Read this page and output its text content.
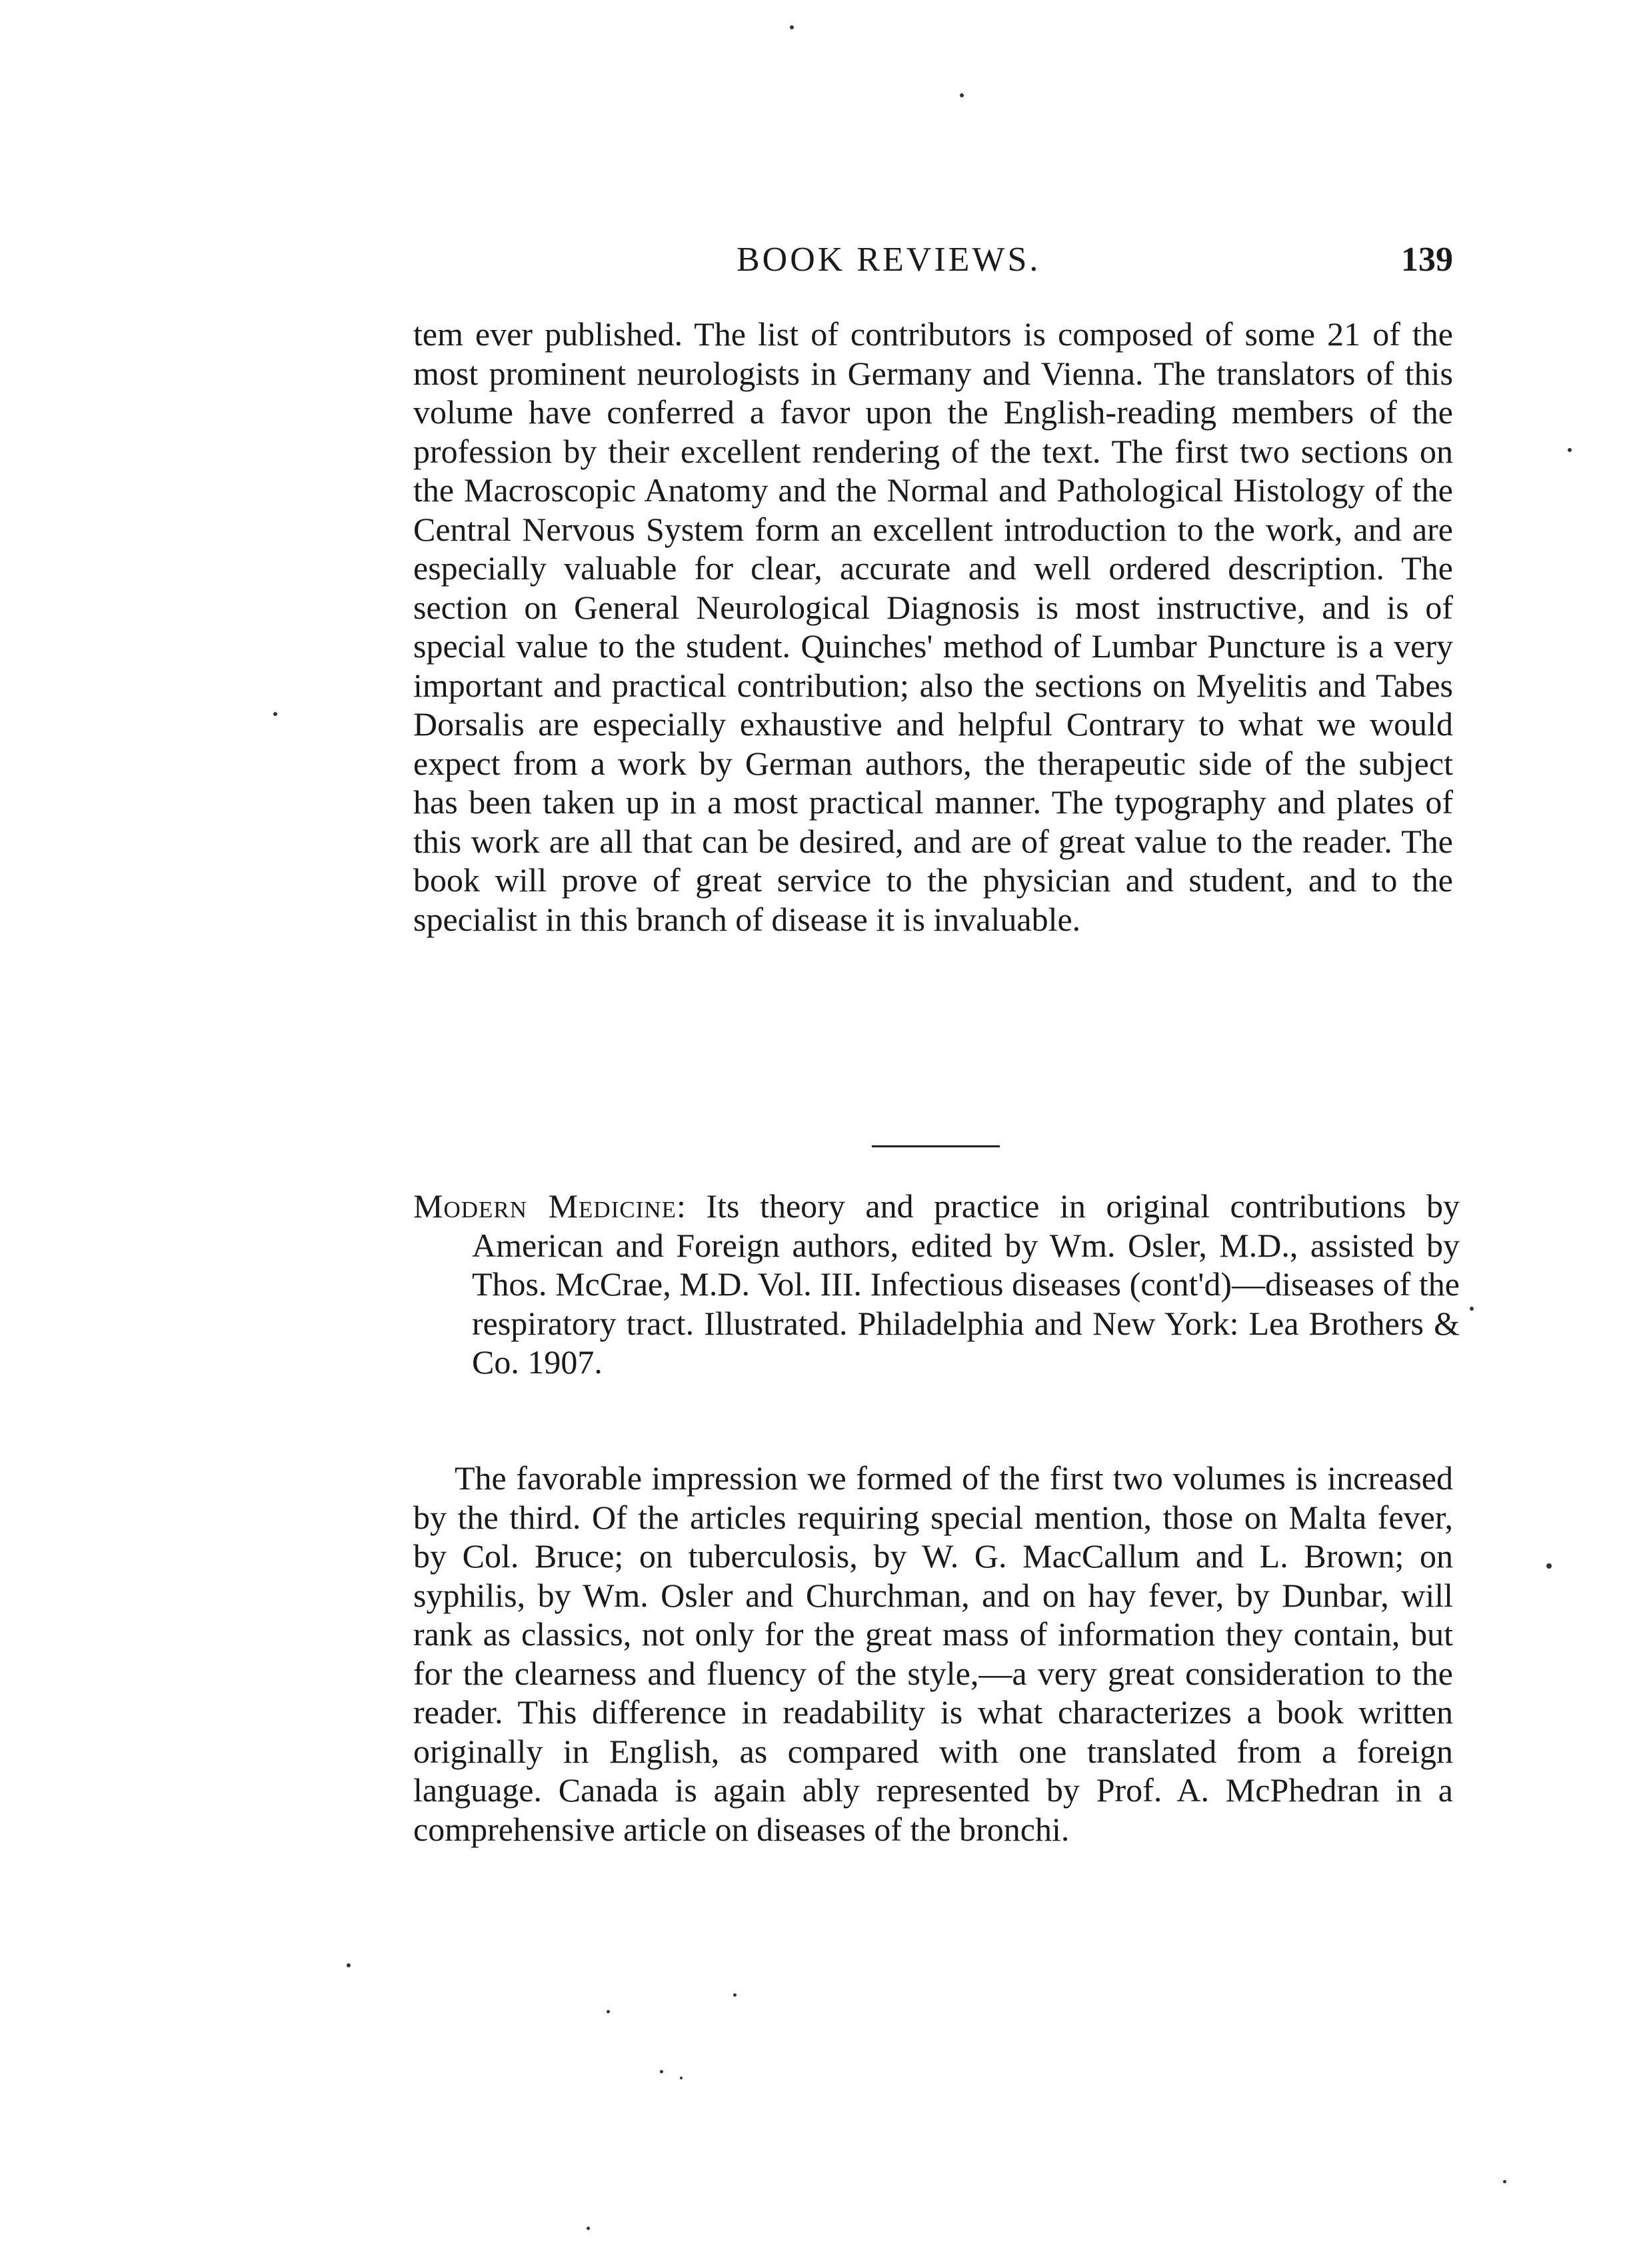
BOOK REVIEWS.	139

tem ever published. The list of contributors is composed of some 21 of the most prominent neurologists in Germany and Vienna. The translators of this volume have conferred a favor upon the English-reading members of the profession by their excellent rendering of the text. The first two sections on the Macroscopic Anatomy and the Normal and Pathological Histology of the Central Nervous System form an excellent introduction to the work, and are especially valuable for clear, accurate and well ordered description. The section on General Neurological Diagnosis is most instructive, and is of special value to the student. Quinches' method of Lumbar Puncture is a very important and practical contribution; also the sections on Myelitis and Tabes Dorsalis are especially exhaustive and helpful Contrary to what we would expect from a work by German authors, the therapeutic side of the subject has been taken up in a most practical manner. The typography and plates of this work are all that can be desired, and are of great value to the reader. The book will prove of great service to the physician and student, and to the specialist in this branch of disease it is invaluable.

Modern Medicine: Its theory and practice in original contributions by American and Foreign authors, edited by Wm. Osler, M.D., assisted by Thos. McCrae, M.D. Vol. III. Infectious diseases (cont'd)—diseases of the respiratory tract. Illustrated. Philadelphia and New York: Lea Brothers & Co. 1907.

The favorable impression we formed of the first two volumes is increased by the third. Of the articles requiring special mention, those on Malta fever, by Col. Bruce; on tuberculosis, by W. G. MacCallum and L. Brown; on syphilis, by Wm. Osler and Churchman, and on hay fever, by Dunbar, will rank as classics, not only for the great mass of information they contain, but for the clearness and fluency of the style,—a very great consideration to the reader. This difference in readability is what characterizes a book written originally in English, as compared with one translated from a foreign language. Canada is again ably represented by Prof. A. McPhedran in a comprehensive article on diseases of the bronchi.
